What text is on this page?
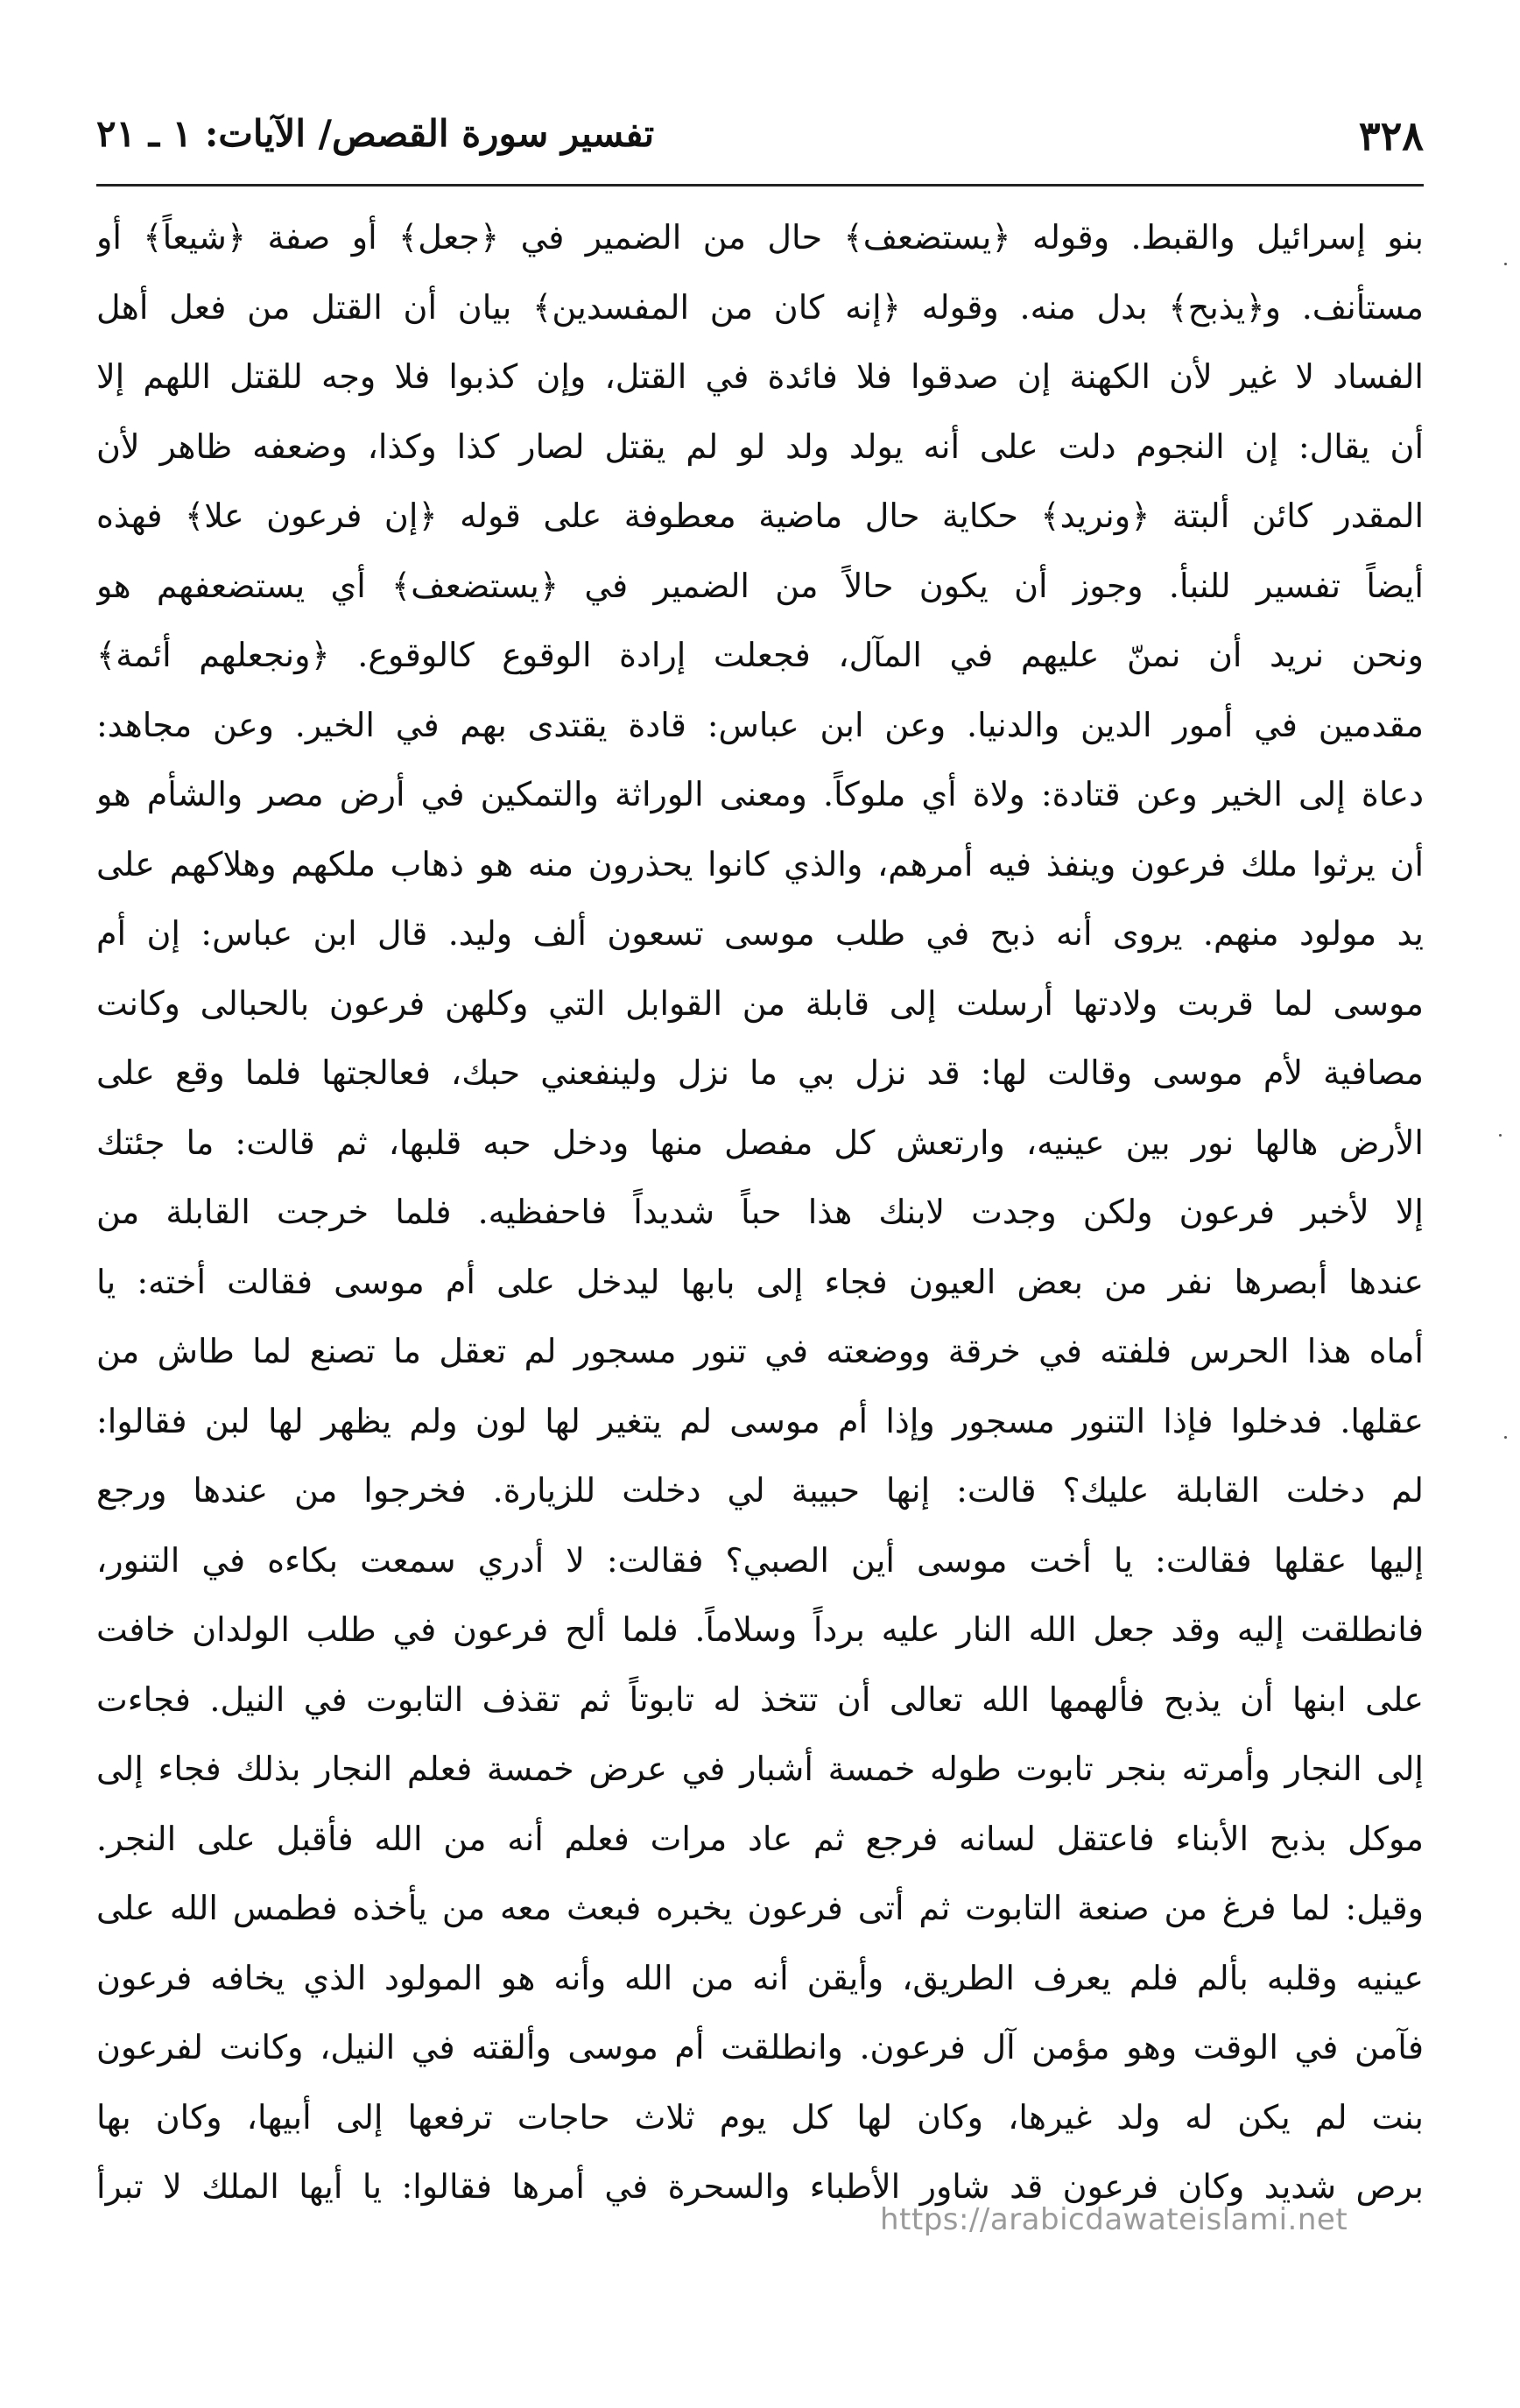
٣٢٨
تفسير سورة القصص/ الآيات: ١ ـ ٢١
بنو إسرائيل والقبط. وقوله ﴿يستضعف﴾ حال من الضمير في ﴿جعل﴾ أو صفة ﴿شيعاً﴾ أو
مستأنف. و﴿يذبح﴾ بدل منه. وقوله ﴿إنه كان من المفسدين﴾ بيان أن القتل من فعل أهل
الفساد لا غير لأن الكهنة إن صدقوا فلا فائدة في القتل، وإن كذبوا فلا وجه للقتل اللهم إلا
أن يقال: إن النجوم دلت على أنه يولد ولد لو لم يقتل لصار كذا وكذا، وضعفه ظاهر لأن
المقدر كائن ألبتة ﴿ونريد﴾ حكاية حال ماضية معطوفة على قوله ﴿إن فرعون علا﴾ فهذه
أيضاً تفسير للنبأ. وجوز أن يكون حالاً من الضمير في ﴿يستضعف﴾ أي يستضعفهم هو
ونحن نريد أن نمنّ عليهم في المآل، فجعلت إرادة الوقوع كالوقوع. ﴿ونجعلهم أئمة﴾
مقدمين في أمور الدين والدنيا. وعن ابن عباس: قادة يقتدى بهم في الخير. وعن مجاهد:
دعاة إلى الخير وعن قتادة: ولاة أي ملوكاً. ومعنى الوراثة والتمكين في أرض مصر والشأم هو
أن يرثوا ملك فرعون وينفذ فيه أمرهم، والذي كانوا يحذرون منه هو ذهاب ملكهم وهلاكهم على
يد مولود منهم. يروى أنه ذبح في طلب موسى تسعون ألف وليد. قال ابن عباس: إن أم
موسى لما قربت ولادتها أرسلت إلى قابلة من القوابل التي وكلهن فرعون بالحبالى وكانت
مصافية لأم موسى وقالت لها: قد نزل بي ما نزل ولينفعني حبك، فعالجتها فلما وقع على
الأرض هالها نور بين عينيه، وارتعش كل مفصل منها ودخل حبه قلبها، ثم قالت: ما جئتك
إلا لأخبر فرعون ولكن وجدت لابنك هذا حباً شديداً فاحفظيه. فلما خرجت القابلة من
عندها أبصرها نفر من بعض العيون فجاء إلى بابها ليدخل على أم موسى فقالت أخته: يا
أماه هذا الحرس فلفته في خرقة ووضعته في تنور مسجور لم تعقل ما تصنع لما طاش من
عقلها. فدخلوا فإذا التنور مسجور وإذا أم موسى لم يتغير لها لون ولم يظهر لها لبن فقالوا:
لم دخلت القابلة عليك؟ قالت: إنها حبيبة لي دخلت للزيارة. فخرجوا من عندها ورجع
إليها عقلها فقالت: يا أخت موسى أين الصبي؟ فقالت: لا أدري سمعت بكاءه في التنور،
فانطلقت إليه وقد جعل الله النار عليه برداً وسلاماً. فلما ألح فرعون في طلب الولدان خافت
على ابنها أن يذبح فألهمها الله تعالى أن تتخذ له تابوتاً ثم تقذف التابوت في النيل. فجاءت
إلى النجار وأمرته بنجر تابوت طوله خمسة أشبار في عرض خمسة فعلم النجار بذلك فجاء إلى
موكل بذبح الأبناء فاعتقل لسانه فرجع ثم عاد مرات فعلم أنه من الله فأقبل على النجر.
وقيل: لما فرغ من صنعة التابوت ثم أتى فرعون يخبره فبعث معه من يأخذه فطمس الله على
عينيه وقلبه بألم فلم يعرف الطريق، وأيقن أنه من الله وأنه هو المولود الذي يخافه فرعون
فآمن في الوقت وهو مؤمن آل فرعون. وانطلقت أم موسى وألقته في النيل، وكانت لفرعون
بنت لم يكن له ولد غيرها، وكان لها كل يوم ثلاث حاجات ترفعها إلى أبيها، وكان بها
برص شديد وكان فرعون قد شاور الأطباء والسحرة في أمرها فقالوا: يا أيها الملك لا تبرأ
https://arabicdawateislami.net
